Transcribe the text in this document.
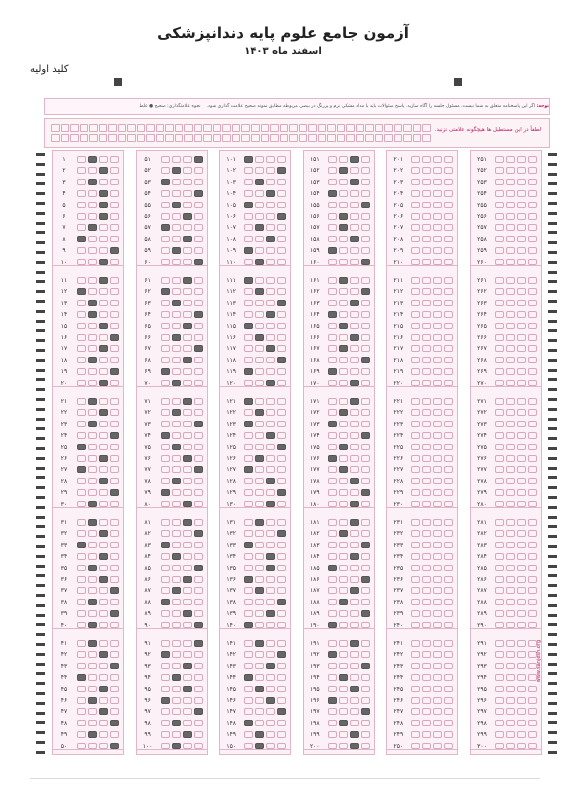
آزمون جامع علوم پایه دندانپزشکی
اسفند ماه ۱۴۰۳
کلید اولیه
توجه: اگر این پاسخنامه متعلق به شما نیست، مسئول جلسه را آگاه سازید. پاسخ سئوالات باید با مداد مشکی نرم و پررنگ در بیضی مربوطه مطابق نمونه صحیح علامت گذاری شود.    نحوه علامتگذاری: صحیح ● غلط
لطفاً در این مستطیل ها هیچگونه علامتی نزنید.
۱
۲
۳
۴
۵
۶
۷
۸
۹
۱۰
۱۱
۱۲
۱۳
۱۴
۱۵
۱۶
۱۷
۱۸
۱۹
۲۰
۲۱
۲۲
۲۳
۲۴
۲۵
۲۶
۲۷
۲۸
۲۹
۳۰
۳۱
۳۲
۳۳
۳۴
۳۵
۳۶
۳۷
۳۸
۳۹
۴۰
۴۱
۴۲
۴۳
۴۴
۴۵
۴۶
۴۷
۴۸
۴۹
۵۰
۵۱
۵۲
۵۳
۵۴
۵۵
۵۶
۵۷
۵۸
۵۹
۶۰
۶۱
۶۲
۶۳
۶۴
۶۵
۶۶
۶۷
۶۸
۶۹
۷۰
۷۱
۷۲
۷۳
۷۴
۷۵
۷۶
۷۷
۷۸
۷۹
۸۰
۸۱
۸۲
۸۳
۸۴
۸۵
۸۶
۸۷
۸۸
۸۹
۹۰
۹۱
۹۲
۹۳
۹۴
۹۵
۹۶
۹۷
۹۸
۹۹
۱۰۰
۱۰۱
۱۰۲
۱۰۳
۱۰۴
۱۰۵
۱۰۶
۱۰۷
۱۰۸
۱۰۹
۱۱۰
۱۱۱
۱۱۲
۱۱۳
۱۱۴
۱۱۵
۱۱۶
۱۱۷
۱۱۸
۱۱۹
۱۲۰
۱۲۱
۱۲۲
۱۲۳
۱۲۴
۱۲۵
۱۲۶
۱۲۷
۱۲۸
۱۲۹
۱۳۰
۱۳۱
۱۳۲
۱۳۳
۱۳۴
۱۳۵
۱۳۶
۱۳۷
۱۳۸
۱۳۹
۱۴۰
۱۴۱
۱۴۲
۱۴۳
۱۴۴
۱۴۵
۱۴۶
۱۴۷
۱۴۸
۱۴۹
۱۵۰
۱۵۱
۱۵۲
۱۵۳
۱۵۴
۱۵۵
۱۵۶
۱۵۷
۱۵۸
۱۵۹
۱۶۰
۱۶۱
۱۶۲
۱۶۳
۱۶۴
۱۶۵
۱۶۶
۱۶۷
۱۶۸
۱۶۹
۱۷۰
۱۷۱
۱۷۲
۱۷۳
۱۷۴
۱۷۵
۱۷۶
۱۷۷
۱۷۸
۱۷۹
۱۸۰
۱۸۱
۱۸۲
۱۸۳
۱۸۴
۱۸۵
۱۸۶
۱۸۷
۱۸۸
۱۸۹
۱۹۰
۱۹۱
۱۹۲
۱۹۳
۱۹۴
۱۹۵
۱۹۶
۱۹۷
۱۹۸
۱۹۹
۲۰۰
۲۰۱
۲۰۲
۲۰۳
۲۰۴
۲۰۵
۲۰۶
۲۰۷
۲۰۸
۲۰۹
۲۱۰
۲۱۱
۲۱۲
۲۱۳
۲۱۴
۲۱۵
۲۱۶
۲۱۷
۲۱۸
۲۱۹
۲۲۰
۲۲۱
۲۲۲
۲۲۳
۲۲۴
۲۲۵
۲۲۶
۲۲۷
۲۲۸
۲۲۹
۲۳۰
۲۳۱
۲۳۲
۲۳۳
۲۳۴
۲۳۵
۲۳۶
۲۳۷
۲۳۸
۲۳۹
۲۴۰
۲۴۱
۲۴۲
۲۴۳
۲۴۴
۲۴۵
۲۴۶
۲۴۷
۲۴۸
۲۴۹
۲۵۰
۲۵۱
۲۵۲
۲۵۳
۲۵۴
۲۵۵
۲۵۶
۲۵۷
۲۵۸
۲۵۹
۲۶۰
۲۶۱
۲۶۲
۲۶۳
۲۶۴
۲۶۵
۲۶۶
۲۶۷
۲۶۸
۲۶۹
۲۷۰
۲۷۱
۲۷۲
۲۷۳
۲۷۴
۲۷۵
۲۷۶
۲۷۷
۲۷۸
۲۷۹
۲۸۰
۲۸۱
۲۸۲
۲۸۳
۲۸۴
۲۸۵
۲۸۶
۲۸۷
۲۸۸
۲۸۹
۲۹۰
۲۹۱
۲۹۲
۲۹۳
۲۹۴
۲۹۵
۲۹۶
۲۹۷
۲۹۸
۲۹۹
۳۰۰
www.sanjesh.org
